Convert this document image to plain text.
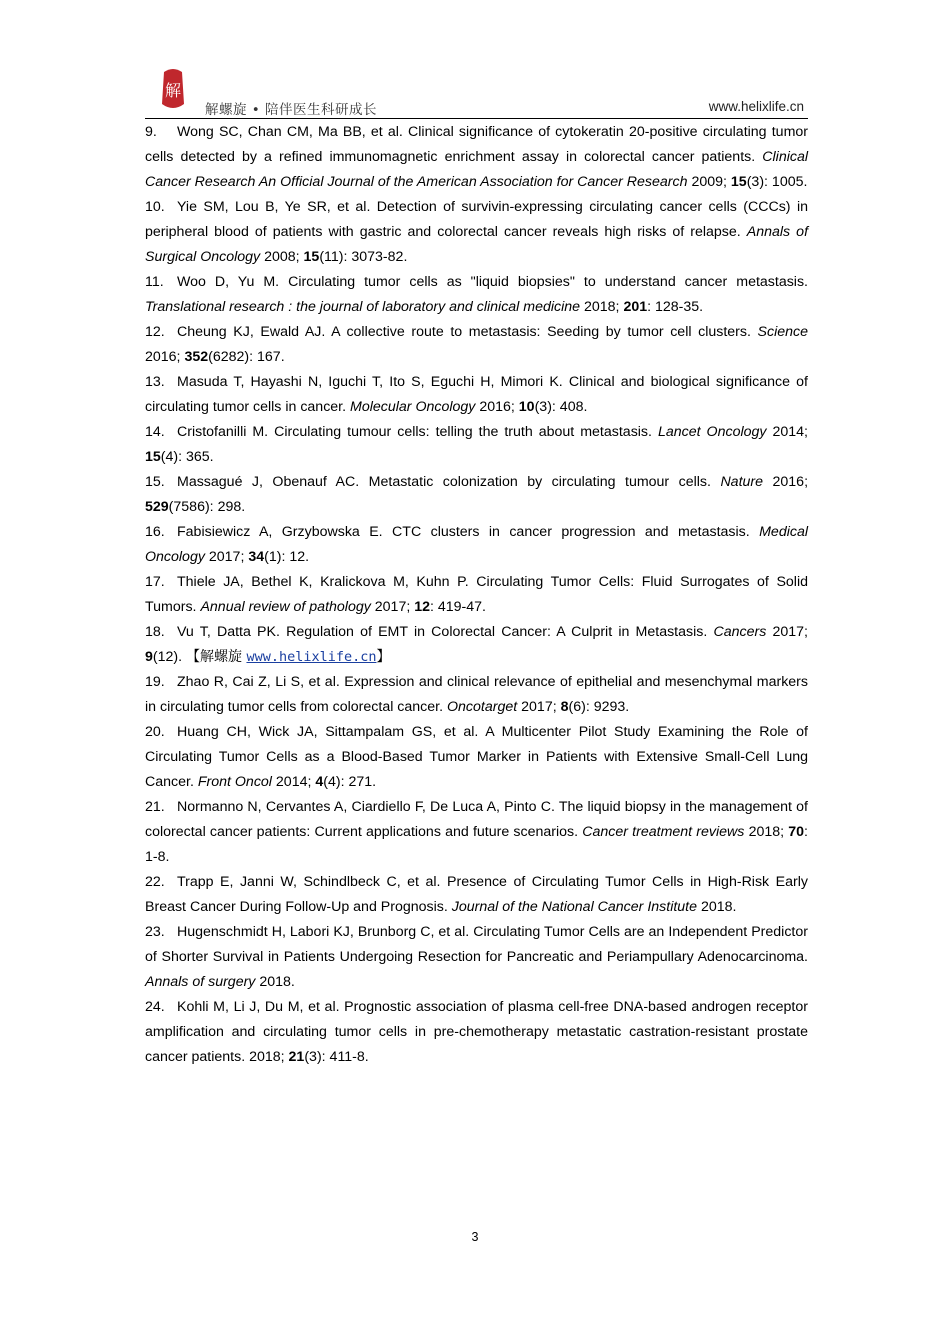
解
解螺旋 • 陪伴医生科研成长	www.helixlife.cn

9. Wong SC, Chan CM, Ma BB, et al. Clinical significance of cytokeratin 20-positive circulating tumor cells detected by a refined immunomagnetic enrichment assay in colorectal cancer patients. Clinical Cancer Research An Official Journal of the American Association for Cancer Research 2009; 15(3): 1005.

10. Yie SM, Lou B, Ye SR, et al. Detection of survivin-expressing circulating cancer cells (CCCs) in peripheral blood of patients with gastric and colorectal cancer reveals high risks of relapse. Annals of Surgical Oncology 2008; 15(11): 3073-82.

11. Woo D, Yu M. Circulating tumor cells as "liquid biopsies" to understand cancer metastasis. Translational research : the journal of laboratory and clinical medicine 2018; 201: 128-35.

12. Cheung KJ, Ewald AJ. A collective route to metastasis: Seeding by tumor cell clusters. Science 2016; 352(6282): 167.

13. Masuda T, Hayashi N, Iguchi T, Ito S, Eguchi H, Mimori K. Clinical and biological significance of circulating tumor cells in cancer. Molecular Oncology 2016; 10(3): 408.

14. Cristofanilli M. Circulating tumour cells: telling the truth about metastasis. Lancet Oncology 2014; 15(4): 365.

15. Massagué J, Obenauf AC. Metastatic colonization by circulating tumour cells. Nature 2016; 529(7586): 298.

16. Fabisiewicz A, Grzybowska E. CTC clusters in cancer progression and metastasis. Medical Oncology 2017; 34(1): 12.

17. Thiele JA, Bethel K, Kralickova M, Kuhn P. Circulating Tumor Cells: Fluid Surrogates of Solid Tumors. Annual review of pathology 2017; 12: 419-47.

18. Vu T, Datta PK. Regulation of EMT in Colorectal Cancer: A Culprit in Metastasis. Cancers 2017; 9(12). 【解螺旋 www.helixlife.cn】

19. Zhao R, Cai Z, Li S, et al. Expression and clinical relevance of epithelial and mesenchymal markers in circulating tumor cells from colorectal cancer. Oncotarget 2017; 8(6): 9293.

20. Huang CH, Wick JA, Sittampalam GS, et al. A Multicenter Pilot Study Examining the Role of Circulating Tumor Cells as a Blood-Based Tumor Marker in Patients with Extensive Small-Cell Lung Cancer. Front Oncol 2014; 4(4): 271.

21. Normanno N, Cervantes A, Ciardiello F, De Luca A, Pinto C. The liquid biopsy in the management of colorectal cancer patients: Current applications and future scenarios. Cancer treatment reviews 2018; 70: 1-8.

22. Trapp E, Janni W, Schindlbeck C, et al. Presence of Circulating Tumor Cells in High-Risk Early Breast Cancer During Follow-Up and Prognosis. Journal of the National Cancer Institute 2018.

23. Hugenschmidt H, Labori KJ, Brunborg C, et al. Circulating Tumor Cells are an Independent Predictor of Shorter Survival in Patients Undergoing Resection for Pancreatic and Periampullary Adenocarcinoma. Annals of surgery 2018.

24. Kohli M, Li J, Du M, et al. Prognostic association of plasma cell-free DNA-based androgen receptor amplification and circulating tumor cells in pre-chemotherapy metastatic castration-resistant prostate cancer patients. 2018; 21(3): 411-8.

3
